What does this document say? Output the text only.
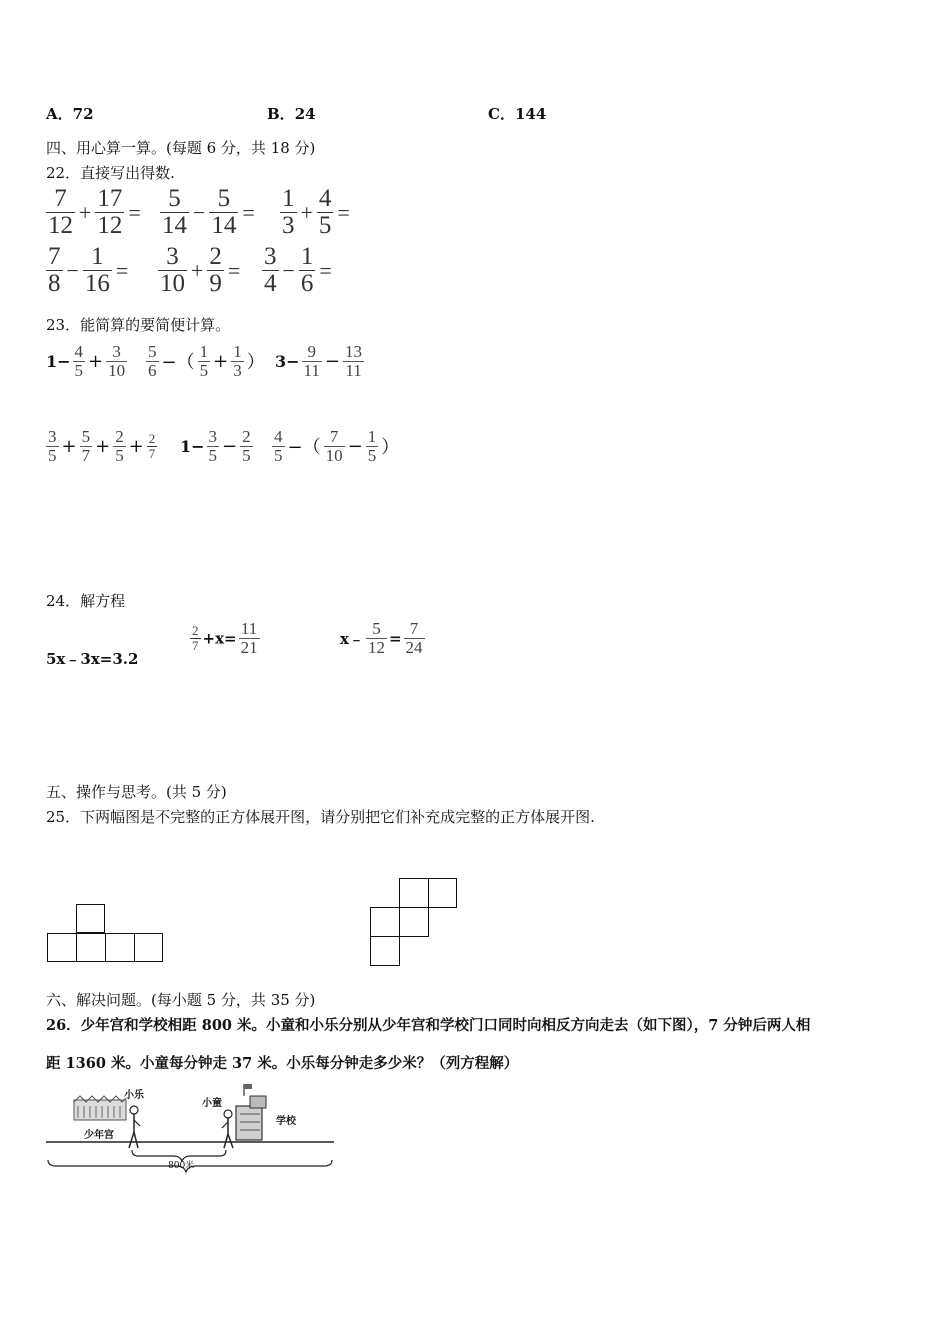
A．72	B．24	C．144
四、用心算一算。(每题 6 分，共 18 分)
22．直接写出得数.
$\frac{7}{12} + \frac{17}{12} = \frac{5}{14} - \frac{5}{14} = \frac{1}{3} + \frac{4}{5}$ =
$\frac{7}{8} - \frac{1}{16} = \frac{3}{10} + \frac{2}{9} = \frac{3}{4} - \frac{1}{6}$ =
23．能简算的要简便计算。
$1- \frac{4}{5} + \frac{3}{10} \frac{5}{6}$ −（ $\frac{1}{5} + \frac{1}{3}$ ） $3- \frac{9}{11} - \frac{13}{11}$
$\frac{3}{5} + \frac{5}{7} + \frac{2}{5} + \frac{2}{7} 1- \frac{3}{5} - \frac{2}{5} \frac{4}{5}$ −（ $\frac{7}{10} - \frac{1}{5}$ ）
24．解方程
5x﹣3x=3.2
$\frac{2}{7} +x= \frac{11}{21}$	x﹣ $\frac{5}{12} = \frac{7}{24}$
五、操作与思考。(共 5 分)
25．下两幅图是不完整的正方体展开图，请分别把它们补充成完整的正方体展开图.
六、解决问题。(每小题 5 分，共 35 分)
26．少年宫和学校相距 800 米。小童和小乐分别从少年宫和学校门口同时向相反方向走去（如下图），7 分钟后两人相
距 1360 米。小童每分钟走 37 米。小乐每分钟走多少米？（列方程解）
小乐
小童
少年宫
学校
800米
